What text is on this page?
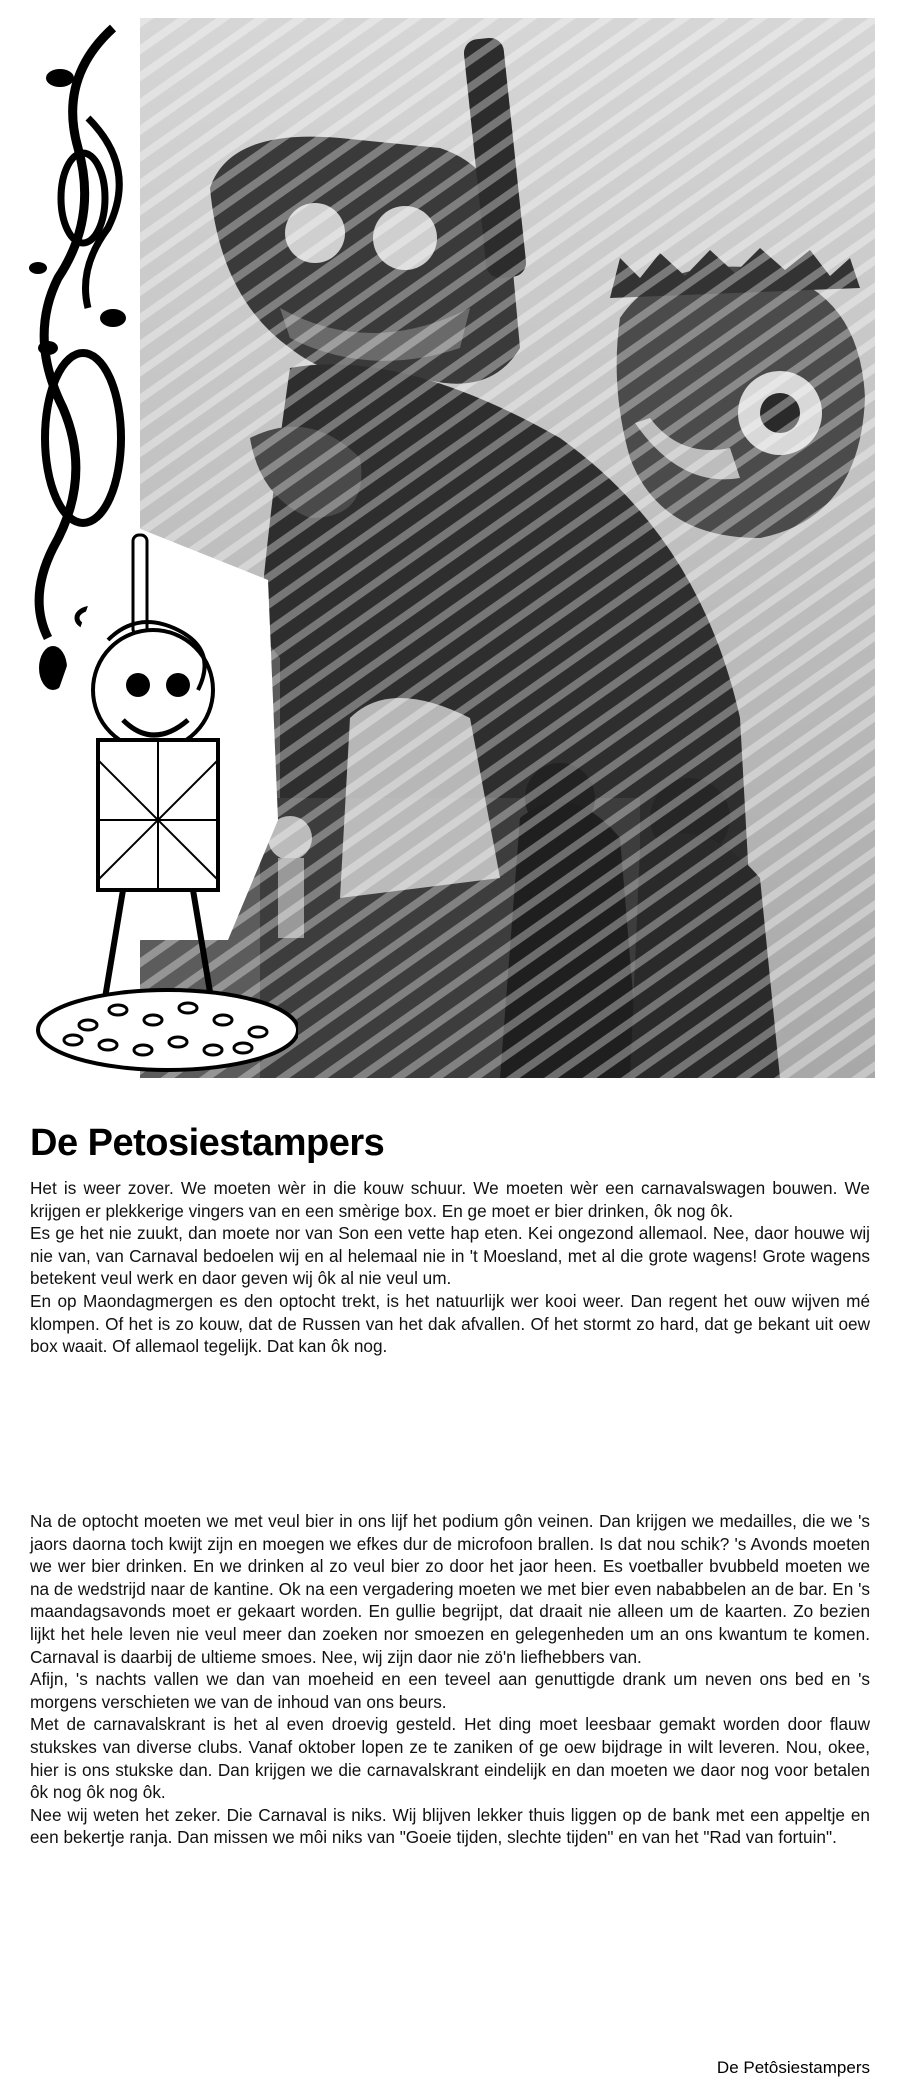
De Petosiestampers

Het is weer zover. We moeten wèr in die kouw schuur. We moeten wèr een carnavalswagen bouwen. We krijgen er plekkerige vingers van en een smèrige box. En ge moet er bier drinken, ôk nog ôk.

Es ge het nie zuukt, dan moete nor van Son een vette hap eten. Kei ongezond allemaol. Nee, daor houwe wij nie van, van Carnaval bedoelen wij en al helemaal nie in 't Moesland, met al die grote wagens! Grote wagens betekent veul werk en daor geven wij ôk al nie veul um.

En op Maondagmergen es den optocht trekt, is het natuurlijk wer kooi weer. Dan regent het ouw wijven mé klompen. Of het is zo kouw, dat de Russen van het dak afvallen. Of het stormt zo hard, dat ge bekant uit oew box waait. Of allemaol tegelijk. Dat kan ôk nog.

Na de optocht moeten we met veul bier in ons lijf het podium gôn veinen. Dan krijgen we medailles, die we 's jaors daorna toch kwijt zijn en moegen we efkes dur de microfoon brallen. Is dat nou schik? 's Avonds moeten we wer bier drinken. En we drinken al zo veul bier zo door het jaor heen. Es voetballer bvubbeld moeten we na de wedstrijd naar de kantine. Ok na een vergadering moeten we met bier even nababbelen an de bar. En 's maandagsavonds moet er gekaart worden. En gullie begrijpt, dat draait nie alleen um de kaarten. Zo bezien lijkt het hele leven nie veul meer dan zoeken nor smoezen en gelegenheden um an ons kwantum te komen. Carnaval is daarbij de ultieme smoes. Nee, wij zijn daor nie zö'n liefhebbers van.

Afijn, 's nachts vallen we dan van moeheid en een teveel aan genuttigde drank um neven ons bed en 's morgens verschieten we van de inhoud van ons beurs.

Met de carnavalskrant is het al even droevig gesteld. Het ding moet leesbaar gemakt worden door flauw stukskes van diverse clubs. Vanaf oktober lopen ze te zaniken of ge oew bijdrage in wilt leveren. Nou, okee, hier is ons stukske dan. Dan krijgen we die carnavalskrant eindelijk en dan moeten we daor nog voor betalen ôk nog ôk nog ôk.

Nee wij weten het zeker. Die Carnaval is niks. Wij blijven lekker thuis liggen op de bank met een appeltje en een bekertje ranja. Dan missen we môi niks van "Goeie tijden, slechte tijden" en van het "Rad van fortuin".

De Petôsiestampers
